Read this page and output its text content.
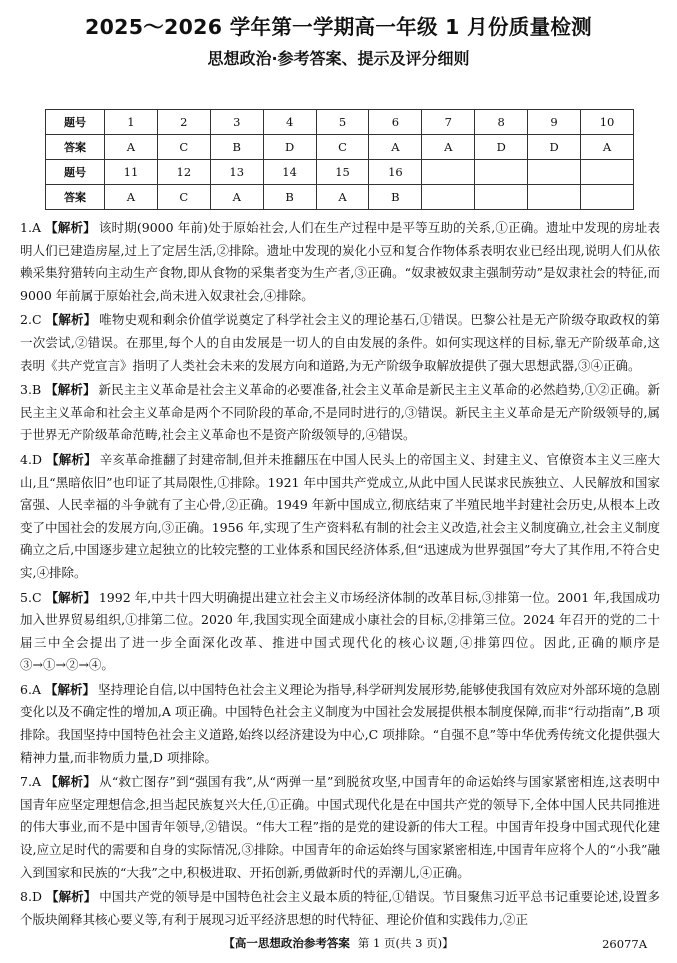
2025～2026 学年第一学期高一年级 1 月份质量检测
思想政治·参考答案、提示及评分细则
题号	1	2	3	4	5	6	7	8	9	10
答案	A	C	B	D	C	A	A	D	D	A
题号	11	12	13	14	15	16				
答案	A	C	A	B	A	B				
1.A 【解析】 该时期(9000 年前)处于原始社会,人们在生产过程中是平等互助的关系,①正确。遗址中发现的房址表明人们已建造房屋,过上了定居生活,②排除。遗址中发现的炭化小豆和复合作物体系表明农业已经出现,说明人们从依赖采集狩猎转向主动生产食物,即从食物的采集者变为生产者,③正确。“奴隶被奴隶主强制劳动”是奴隶社会的特征,而 9000 年前属于原始社会,尚未进入奴隶社会,④排除。
2.C 【解析】 唯物史观和剩余价值学说奠定了科学社会主义的理论基石,①错误。巴黎公社是无产阶级夺取政权的第一次尝试,②错误。在那里,每个人的自由发展是一切人的自由发展的条件。如何实现这样的目标,靠无产阶级革命,这表明《共产党宣言》指明了人类社会未来的发展方向和道路,为无产阶级争取解放提供了强大思想武器,③④正确。
3.B 【解析】 新民主主义革命是社会主义革命的必要准备,社会主义革命是新民主主义革命的必然趋势,①②正确。新民主主义革命和社会主义革命是两个不同阶段的革命,不是同时进行的,③错误。新民主主义革命是无产阶级领导的,属于世界无产阶级革命范畴,社会主义革命也不是资产阶级领导的,④错误。
4.D 【解析】 辛亥革命推翻了封建帝制,但并未推翻压在中国人民头上的帝国主义、封建主义、官僚资本主义三座大山,且“黑暗依旧”也印证了其局限性,①排除。1921 年中国共产党成立,从此中国人民谋求民族独立、人民解放和国家富强、人民幸福的斗争就有了主心骨,②正确。1949 年新中国成立,彻底结束了半殖民地半封建社会历史,从根本上改变了中国社会的发展方向,③正确。1956 年,实现了生产资料私有制的社会主义改造,社会主义制度确立,社会主义制度确立之后,中国逐步建立起独立的比较完整的工业体系和国民经济体系,但“迅速成为世界强国”夸大了其作用,不符合史实,④排除。
5.C 【解析】 1992 年,中共十四大明确提出建立社会主义市场经济体制的改革目标,③排第一位。2001 年,我国成功加入世界贸易组织,①排第二位。2020 年,我国实现全面建成小康社会的目标,②排第三位。2024 年召开的党的二十届三中全会提出了进一步全面深化改革、推进中国式现代化的核心议题,④排第四位。因此,正确的顺序是③→①→②→④。
6.A 【解析】 坚持理论自信,以中国特色社会主义理论为指导,科学研判发展形势,能够使我国有效应对外部环境的急剧变化以及不确定性的增加,A 项正确。中国特色社会主义制度为中国社会发展提供根本制度保障,而非“行动指南”,B 项排除。我国坚持中国特色社会主义道路,始终以经济建设为中心,C 项排除。“自强不息”等中华优秀传统文化提供强大精神力量,而非物质力量,D 项排除。
7.A 【解析】 从“救亡图存”到“强国有我”,从“两弹一星”到脱贫攻坚,中国青年的命运始终与国家紧密相连,这表明中国青年应坚定理想信念,担当起民族复兴大任,①正确。中国式现代化是在中国共产党的领导下,全体中国人民共同推进的伟大事业,而不是中国青年领导,②错误。“伟大工程”指的是党的建设新的伟大工程。中国青年投身中国式现代化建设,应立足时代的需要和自身的实际情况,③排除。中国青年的命运始终与国家紧密相连,中国青年应将个人的“小我”融入到国家和民族的“大我”之中,积极进取、开拓创新,勇做新时代的弄潮儿,④正确。
8.D 【解析】 中国共产党的领导是中国特色社会主义最本质的特征,①错误。节目聚焦习近平总书记重要论述,设置多个版块阐释其核心要义等,有利于展现习近平经济思想的时代特征、理论价值和实践伟力,②正
【高一思想政治参考答案 第 1 页(共 3 页)】	26077A
